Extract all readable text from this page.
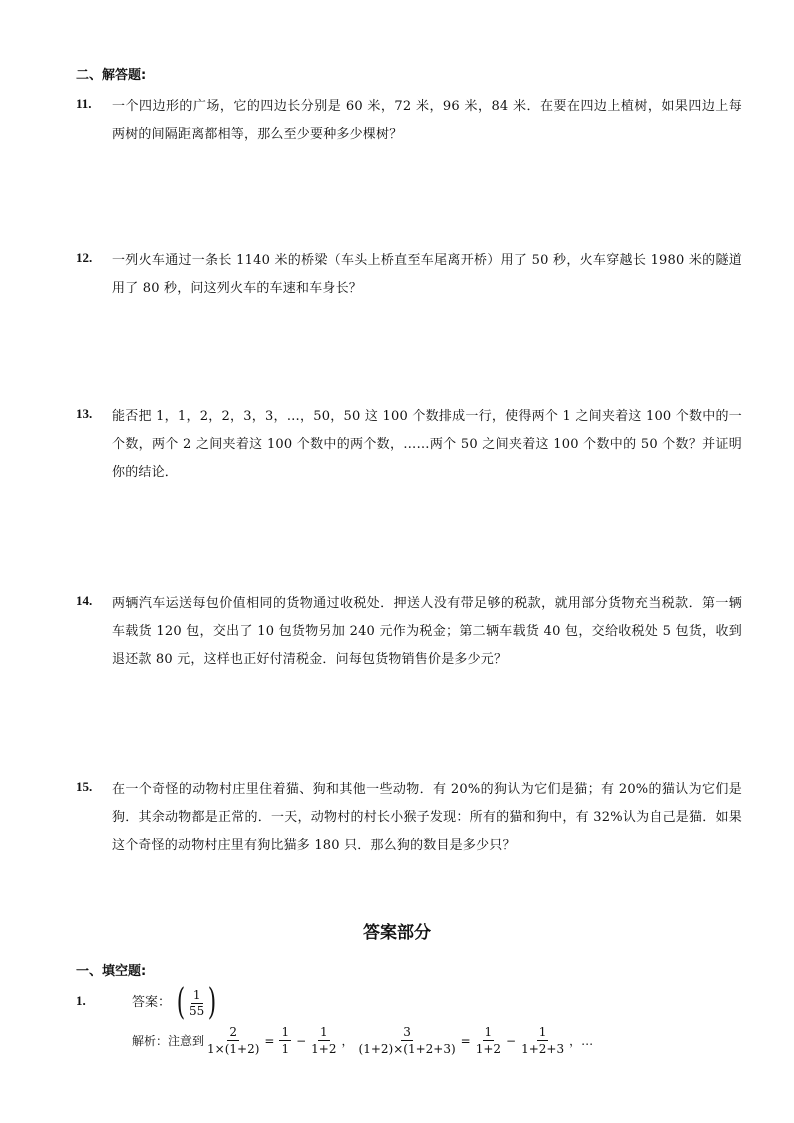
二、解答题:
11. 一个四边形的广场，它的四边长分别是 60 米，72 米，96 米，84 米．在要在四边上植树，如果四边上每两树的间隔距离都相等，那么至少要种多少棵树？
12. 一列火车通过一条长 1140 米的桥梁（车头上桥直至车尾离开桥）用了 50 秒，火车穿越长 1980 米的隧道用了 80 秒，问这列火车的车速和车身长？
13. 能否把 1，1，2，2，3，3，…，50，50 这 100 个数排成一行，使得两个 1 之间夹着这 100 个数中的一个数，两个 2 之间夹着这 100 个数中的两个数，……两个 50 之间夹着这 100 个数中的 50 个数？并证明你的结论．
14. 两辆汽车运送每包价值相同的货物通过收税处．押送人没有带足够的税款，就用部分货物充当税款．第一辆车载货 120 包，交出了 10 包货物另加 240 元作为税金；第二辆车载货 40 包，交给收税处 5 包货，收到退还款 80 元，这样也正好付清税金．问每包货物销售价是多少元？
15. 在一个奇怪的动物村庄里住着猫、狗和其他一些动物．有 20%的狗认为它们是猫；有 20%的猫认为它们是狗．其余动物都是正常的．一天，动物村的村长小猴子发现：所有的猫和狗中，有 32%认为自己是猫．如果这个奇怪的动物村庄里有狗比猫多 180 只．那么狗的数目是多少只？
答案部分
一、填空题:
1.	答案： ( $\frac{1}{55}$ )
解析：注意到 $\frac{2}{1\times(1+2)} = \frac{1}{1} - \frac{1}{1+2}$ ， $\frac{3}{(1+2)\times(1+2+3)} = \frac{1}{1+2} - \frac{1}{1+2+3}$ ，…
